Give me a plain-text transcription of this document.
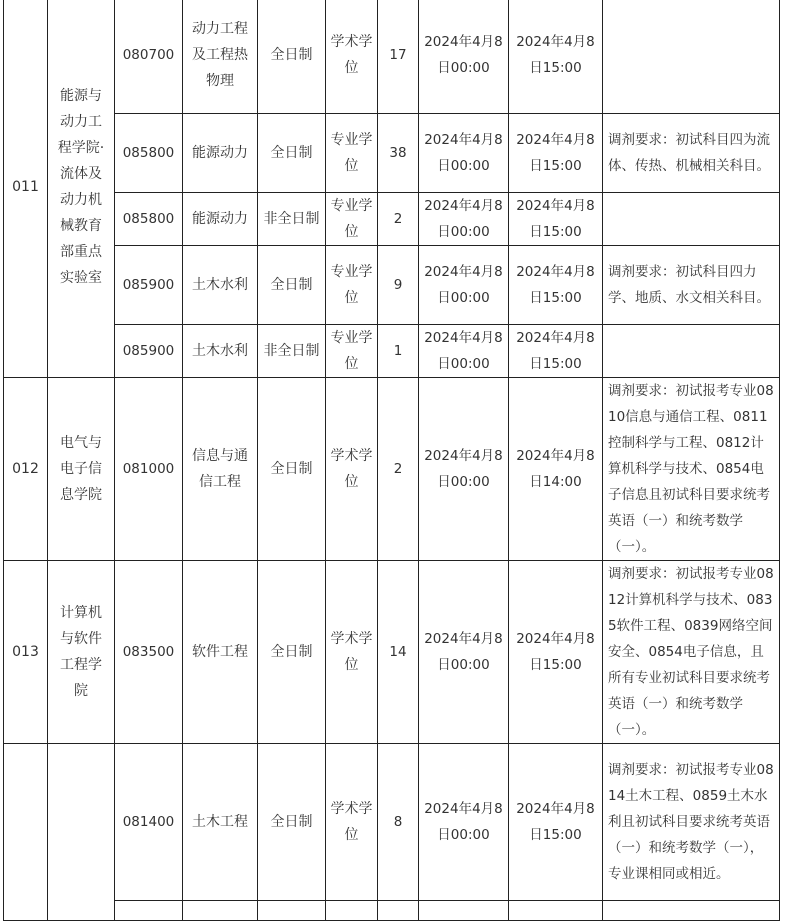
011	能源与动力工程学院·流体及动力机械教育部重点实验室	080700	动力工程及工程热物理	全日制	学术学位	17	2024年4月8日00:00	2024年4月8日15:00	
		085800	能源动力	全日制	专业学位	38	2024年4月8日00:00	2024年4月8日15:00	调剂要求：初试科目四为流体、传热、机械相关科目。
		085800	能源动力	非全日制	专业学位	2	2024年4月8日00:00	2024年4月8日15:00	
		085900	土木水利	全日制	专业学位	9	2024年4月8日00:00	2024年4月8日15:00	调剂要求：初试科目四力学、地质、水文相关科目。
		085900	土木水利	非全日制	专业学位	1	2024年4月8日00:00	2024年4月8日15:00	
012	电气与电子信息学院	081000	信息与通信工程	全日制	学术学位	2	2024年4月8日00:00	2024年4月8日14:00	调剂要求：初试报考专业0810信息与通信工程、0811控制科学与工程、0812计算机科学与技术、0854电子信息且初试科目要求统考英语（一）和统考数学（一）。
013	计算机与软件工程学院	083500	软件工程	全日制	学术学位	14	2024年4月8日00:00	2024年4月8日15:00	调剂要求：初试报考专业0812计算机科学与技术、0835软件工程、0839网络空间安全、0854电子信息，且所有专业初试科目要求统考英语（一）和统考数学（一）。
		081400	土木工程	全日制	学术学位	8	2024年4月8日00:00	2024年4月8日15:00	调剂要求：初试报考专业0814土木工程、0859土木水利且初试科目要求统考英语（一）和统考数学（一），专业课相同或相近。
